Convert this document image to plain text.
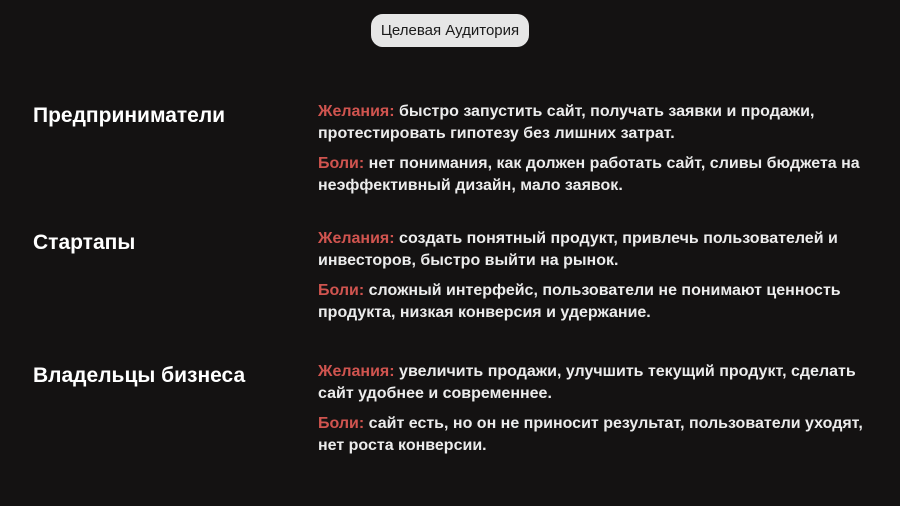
Целевая Аудитория
Предприниматели	Желания: быстро запустить сайт, получать заявки и продажи, протестировать гипотезу без лишних затрат.

Боли: нет понимания, как должен работать сайт, сливы бюджета на неэффективный дизайн, мало заявок.

Стартапы	Желания: создать понятный продукт, привлечь пользователей и инвесторов, быстро выйти на рынок.

Боли: сложный интерфейс, пользователи не понимают ценность продукта, низкая конверсия и удержание.

Владельцы бизнеса	Желания: увеличить продажи, улучшить текущий продукт, сделать сайт удобнее и современнее.

Боли: сайт есть, но он не приносит результат, пользователи уходят, нет роста конверсии.
